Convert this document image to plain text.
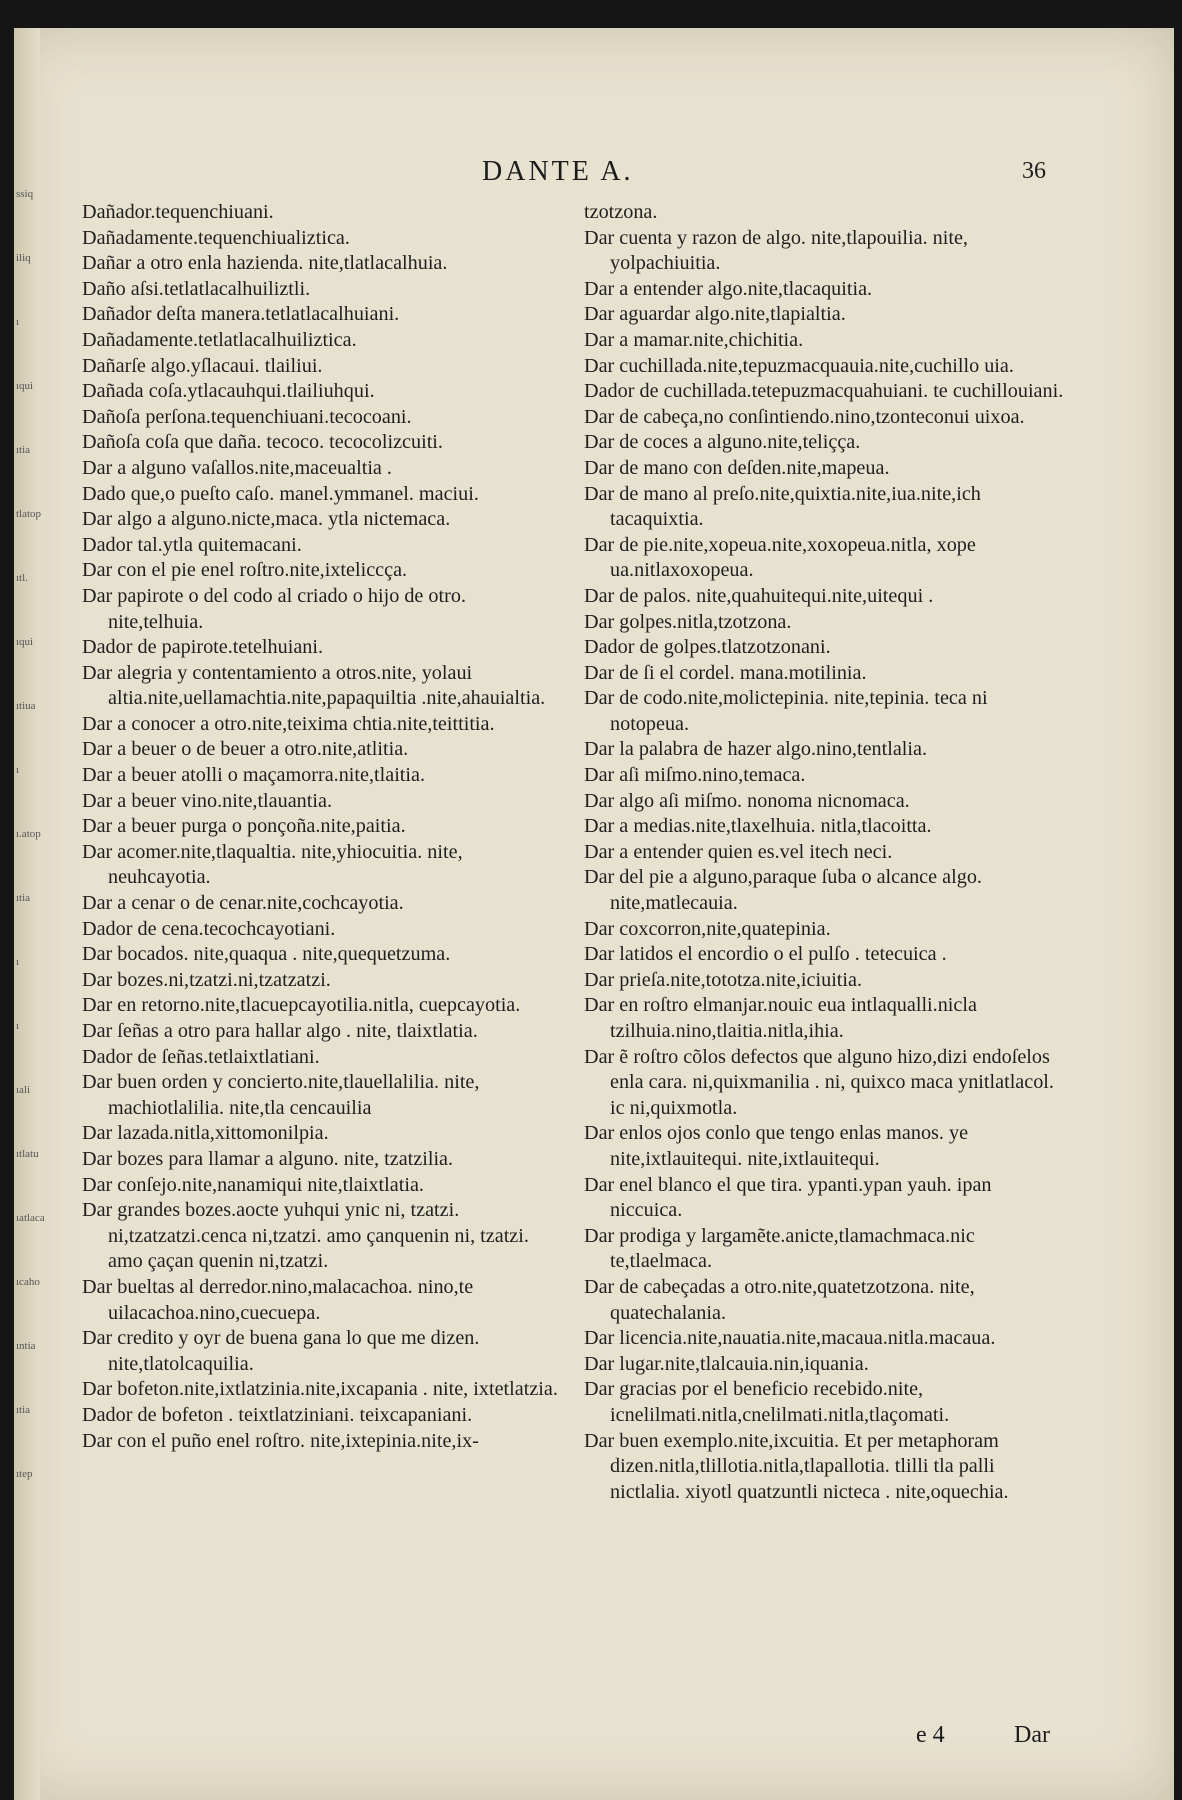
ssiq
iliq
ı
ıqui
ıtia
tlatop
ıtl.
ıqui
ıtiua
ı
ı.atop
ıtia
ı
ı
ıali
ıtlatu
ıatlaca
ıcaho
ıntia
ıtia
ıtep
DANTE A.	36

Dañador.tequenchiuani.

Dañadamente.tequenchiualiztica.

Dañar a otro enla hazienda. nite,tlatlacalhuia.

Daño aſsi.tetlatlacalhuiliztli.

Dañador deſta manera.tetlatlacalhuiani.

Dañadamente.tetlatlacalhuiliztica.

Dañarſe algo.yſlacaui. tlailiui.

Dañada coſa.ytlacauhqui.tlailiuhqui.

Dañoſa perſona.tequenchiuani.tecocoani.

Dañoſa coſa que daña. tecoco. tecocolizcuiti.

Dar a alguno vaſallos.nite,maceualtia .

Dado que,o pueſto caſo. manel.ymmanel. maciui.

Dar algo a alguno.nicte,maca. ytla nictemaca.

Dador tal.ytla quitemacani.

Dar con el pie enel roſtro.nite,ixteliccça.

Dar papirote o del codo al criado o hijo de otro. nite,telhuia.

Dador de papirote.tetelhuiani.

Dar alegria y contentamiento a otros.nite, yolaui altia.nite,uellamachtia.nite,papaquiltia .nite,ahauialtia.

Dar a conocer a otro.nite,teixima chtia.nite,teittitia.

Dar a beuer o de beuer a otro.nite,atlitia.

Dar a beuer atolli o maçamorra.nite,tlaitia.

Dar a beuer vino.nite,tlauantia.

Dar a beuer purga o ponçoña.nite,paitia.

Dar acomer.nite,tlaqualtia. nite,yhiocuitia. nite, neuhcayotia.

Dar a cenar o de cenar.nite,cochcayotia.

Dador de cena.tecochcayotiani.

Dar bocados. nite,quaqua . nite,quequetzuma.

Dar bozes.ni,tzatzi.ni,tzatzatzi.

Dar en retorno.nite,tlacuepcayotilia.nitla, cuepcayotia.

Dar ſeñas a otro para hallar algo . nite, tlaixtlatia.

Dador de ſeñas.tetlaixtlatiani.

Dar buen orden y concierto.nite,tlauellalilia. nite, machiotlalilia. nite,tla cencauilia

Dar lazada.nitla,xittomonilpia.

Dar bozes para llamar a alguno. nite, tzatzilia.

Dar conſejo.nite,nanamiqui nite,tlaixtlatia.

Dar grandes bozes.aocte yuhqui ynic ni, tzatzi. ni,tzatzatzi.cenca ni,tzatzi. amo çanquenin ni, tzatzi. amo çaçan quenin ni,tzatzi.

Dar bueltas al derredor.nino,malacachoa. nino,te uilacachoa.nino,cuecuepa.

Dar credito y oyr de buena gana lo que me dizen. nite,tlatolcaquilia.

Dar bofeton.nite,ixtlatzinia.nite,ixcapania . nite, ixtetlatzia.

Dador de bofeton . teixtlatziniani. teixcapaniani.

Dar con el puño enel roſtro. nite,ixtepinia.nite,ix-

tzotzona.

Dar cuenta y razon de algo. nite,tlapouilia. nite, yolpachiuitia.

Dar a entender algo.nite,tlacaquitia.

Dar aguardar algo.nite,tlapialtia.

Dar a mamar.nite,chichitia.

Dar cuchillada.nite,tepuzmacquauia.nite,cuchillo uia.

Dador de cuchillada.tetepuzmacquahuiani. te cuchillouiani.

Dar de cabeça,no conſintiendo.nino,tzonteconui uixoa.

Dar de coces a alguno.nite,teliçça.

Dar de mano con deſden.nite,mapeua.

Dar de mano al preſo.nite,quixtia.nite,iua.nite,ich tacaquixtia.

Dar de pie.nite,xopeua.nite,xoxopeua.nitla, xope ua.nitlaxoxopeua.

Dar de palos. nite,quahuitequi.nite,uitequi .

Dar golpes.nitla,tzotzona.

Dador de golpes.tlatzotzonani.

Dar de ſi el cordel. mana.motilinia.

Dar de codo.nite,molictepinia. nite,tepinia. teca ni notopeua.

Dar la palabra de hazer algo.nino,tentlalia.

Dar aſi miſmo.nino,temaca.

Dar algo aſi miſmo. nonoma nicnomaca.

Dar a medias.nite,tlaxelhuia. nitla,tlacoitta.

Dar a entender quien es.vel itech neci.

Dar del pie a alguno,paraque ſuba o alcance algo. nite,matlecauia.

Dar coxcorron,nite,quatepinia.

Dar latidos el encordio o el pulſo . tetecuica .

Dar prieſa.nite,tototza.nite,iciuitia.

Dar en roſtro elmanjar.nouic eua intlaqualli.nicla tzilhuia.nino,tlaitia.nitla,ihia.

Dar ẽ roſtro cõlos defectos que alguno hizo,dizi endoſelos enla cara. ni,quixmanilia . ni, quixco maca ynitlatlacol. ic ni,quixmotla.

Dar enlos ojos conlo que tengo enlas manos. ye nite,ixtlauitequi. nite,ixtlauitequi.

Dar enel blanco el que tira. ypanti.ypan yauh. ipan niccuica.

Dar prodiga y largamẽte.anicte,tlamachmaca.nic te,tlaelmaca.

Dar de cabeçadas a otro.nite,quatetzotzona. nite, quatechalania.

Dar licencia.nite,nauatia.nite,macaua.nitla.macaua.

Dar lugar.nite,tlalcauia.nin,iquania.

Dar gracias por el beneficio recebido.nite, icnelilmati.nitla,cnelilmati.nitla,tlaçomati.

Dar buen exemplo.nite,ixcuitia. Et per metaphoram dizen.nitla,tlillotia.nitla,tlapallotia. tlilli tla palli nictlalia. xiyotl quatzuntli nicteca . nite,oquechia.

e 4	Dar
